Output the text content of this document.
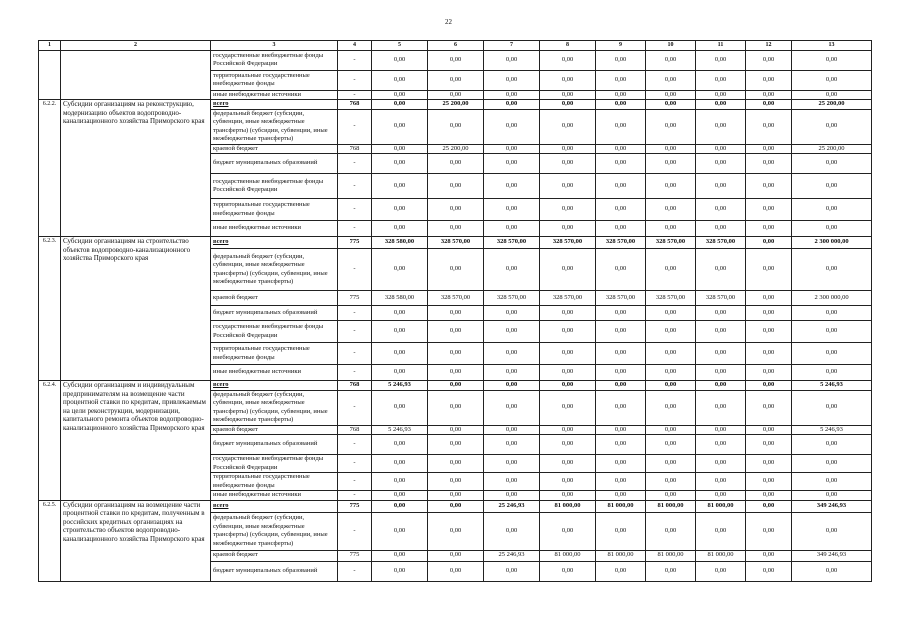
22
1	2	3	4	5	6	7	8	9	10	11	12	13
		государственные внебюджетные фонды Российской Федерации	-	0,00	0,00	0,00	0,00	0,00	0,00	0,00	0,00	0,00
		территориальные государственные внебюджетные фонды	-	0,00	0,00	0,00	0,00	0,00	0,00	0,00	0,00	0,00
		иные внебюджетные источники	-	0,00	0,00	0,00	0,00	0,00	0,00	0,00	0,00	0,00
6.2.2.	Субсидии организациям на реконструкцию, модернизацию объектов водопроводно-канализационного хозяйства Приморского края	всего	768	0,00	25 200,00	0,00	0,00	0,00	0,00	0,00	0,00	25 200,00
		федеральный бюджет (субсидии, субвенции, иные межбюджетные трансферты) (субсидии, субвенции, иные межбюджетные трансферты)	-	0,00	0,00	0,00	0,00	0,00	0,00	0,00	0,00	0,00
		краевой бюджет	768	0,00	25 200,00	0,00	0,00	0,00	0,00	0,00	0,00	25 200,00
		бюджет муниципальных образований	-	0,00	0,00	0,00	0,00	0,00	0,00	0,00	0,00	0,00
		государственные внебюджетные фонды Российской Федерации	-	0,00	0,00	0,00	0,00	0,00	0,00	0,00	0,00	0,00
		территориальные государственные внебюджетные фонды	-	0,00	0,00	0,00	0,00	0,00	0,00	0,00	0,00	0,00
		иные внебюджетные источники	-	0,00	0,00	0,00	0,00	0,00	0,00	0,00	0,00	0,00
6.2.3.	Субсидии организациям на строительство объектов водопроводно-канализационного хозяйства Приморского края	всего	775	328 580,00	328 570,00	328 570,00	328 570,00	328 570,00	328 570,00	328 570,00	0,00	2 300 000,00
		федеральный бюджет (субсидии, субвенции, иные межбюджетные трансферты) (субсидии, субвенции, иные межбюджетные трансферты)	-	0,00	0,00	0,00	0,00	0,00	0,00	0,00	0,00	0,00
		краевой бюджет	775	328 580,00	328 570,00	328 570,00	328 570,00	328 570,00	328 570,00	328 570,00	0,00	2 300 000,00
		бюджет муниципальных образований	-	0,00	0,00	0,00	0,00	0,00	0,00	0,00	0,00	0,00
		государственные внебюджетные фонды Российской Федерации	-	0,00	0,00	0,00	0,00	0,00	0,00	0,00	0,00	0,00
		территориальные государственные внебюджетные фонды	-	0,00	0,00	0,00	0,00	0,00	0,00	0,00	0,00	0,00
		иные внебюджетные источники	-	0,00	0,00	0,00	0,00	0,00	0,00	0,00	0,00	0,00
6.2.4.	Субсидии организациям и индивидуальным предпринимателям на возмещение части процентной ставки по кредитам, привлекаемым на цели реконструкции, модернизации, капитального ремонта объектов водопроводно-канализационного хозяйства Приморского края	всего	768	5 246,93	0,00	0,00	0,00	0,00	0,00	0,00	0,00	5 246,93
		федеральный бюджет (субсидии, субвенции, иные межбюджетные трансферты) (субсидии, субвенции, иные межбюджетные трансферты)	-	0,00	0,00	0,00	0,00	0,00	0,00	0,00	0,00	0,00
		краевой бюджет	768	5 246,93	0,00	0,00	0,00	0,00	0,00	0,00	0,00	5 246,93
		бюджет муниципальных образований	-	0,00	0,00	0,00	0,00	0,00	0,00	0,00	0,00	0,00
		государственные внебюджетные фонды Российской Федерации	-	0,00	0,00	0,00	0,00	0,00	0,00	0,00	0,00	0,00
		территориальные государственные внебюджетные фонды	-	0,00	0,00	0,00	0,00	0,00	0,00	0,00	0,00	0,00
		иные внебюджетные источники	-	0,00	0,00	0,00	0,00	0,00	0,00	0,00	0,00	0,00
6.2.5.	Субсидии организациям на возмещение части процентной ставки по кредитам, полученным в российских кредитных организациях на строительство объектов водопроводно-канализационного хозяйства Приморского края	всего	775	0,00	0,00	25 246,93	81 000,00	81 000,00	81 000,00	81 000,00	0,00	349 246,93
		федеральный бюджет (субсидии, субвенции, иные межбюджетные трансферты) (субсидии, субвенции, иные межбюджетные трансферты)	-	0,00	0,00	0,00	0,00	0,00	0,00	0,00	0,00	0,00
		краевой бюджет	775	0,00	0,00	25 246,93	81 000,00	81 000,00	81 000,00	81 000,00	0,00	349 246,93
		бюджет муниципальных образований	-	0,00	0,00	0,00	0,00	0,00	0,00	0,00	0,00	0,00
